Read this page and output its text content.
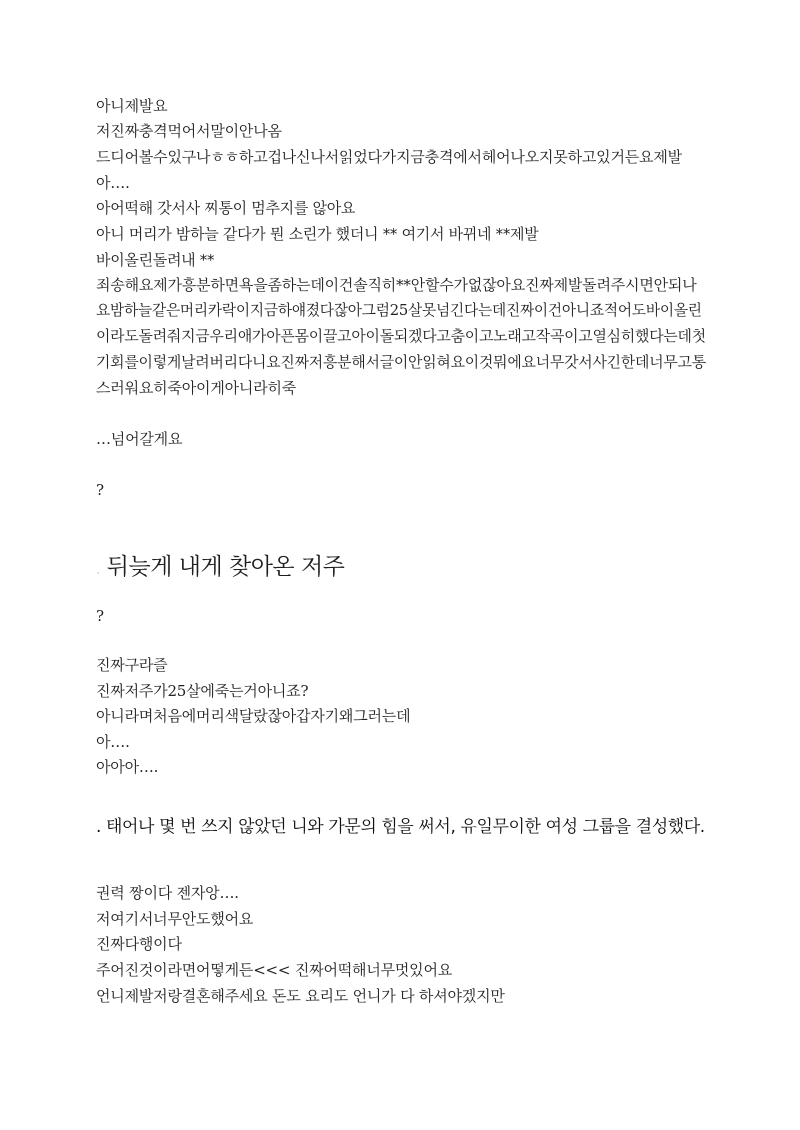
아니제발요
저진짜충격먹어서말이안나옴
드디어볼수있구나ㅎㅎ하고겁나신나서읽었다가지금충격에서헤어나오지못하고있거든요제발
아….
아어떡해 갓서사 찌통이 멈추지를 않아요
아니 머리가 밤하늘 같다가 뭔 소린가 했더니 ** 여기서 바뀌네 **제발
바이올린돌려내 **
죄송해요제가흥분하면욕을좀하는데이건솔직히**안할수가없잖아요진짜제발돌려주시면안되나
요밤하늘같은머리카락이지금하얘졌다잖아그럼25살못넘긴다는데진짜이건아니죠적어도바이올린
이라도돌려줘지금우리애가아픈몸이끌고아이돌되겠다고춤이고노래고작곡이고열심히했다는데첫
기회를이렇게날려버리다니요진짜저흥분해서글이안읽혀요이것뭐에요너무갓서사긴한데너무고통
스러워요히죽아이게아니라히죽
…넘어갈게요
?
. 뒤늦게 내게 찾아온 저주
?
진짜구라즐
진짜저주가25살에죽는거아니죠?
아니라며처음에머리색달랐잖아갑자기왜그러는데
아….
아아아….
. 태어나 몇 번 쓰지 않았던 니와 가문의 힘을 써서, 유일무이한 여성 그룹을 결성했다.
권력 짱이다 젠자앙….
저여기서너무안도했어요
진짜다행이다
주어진것이라면어떻게든<<< 진짜어떡해너무멋있어요
언니제발저랑결혼해주세요 돈도 요리도 언니가 다 하셔야겠지만
